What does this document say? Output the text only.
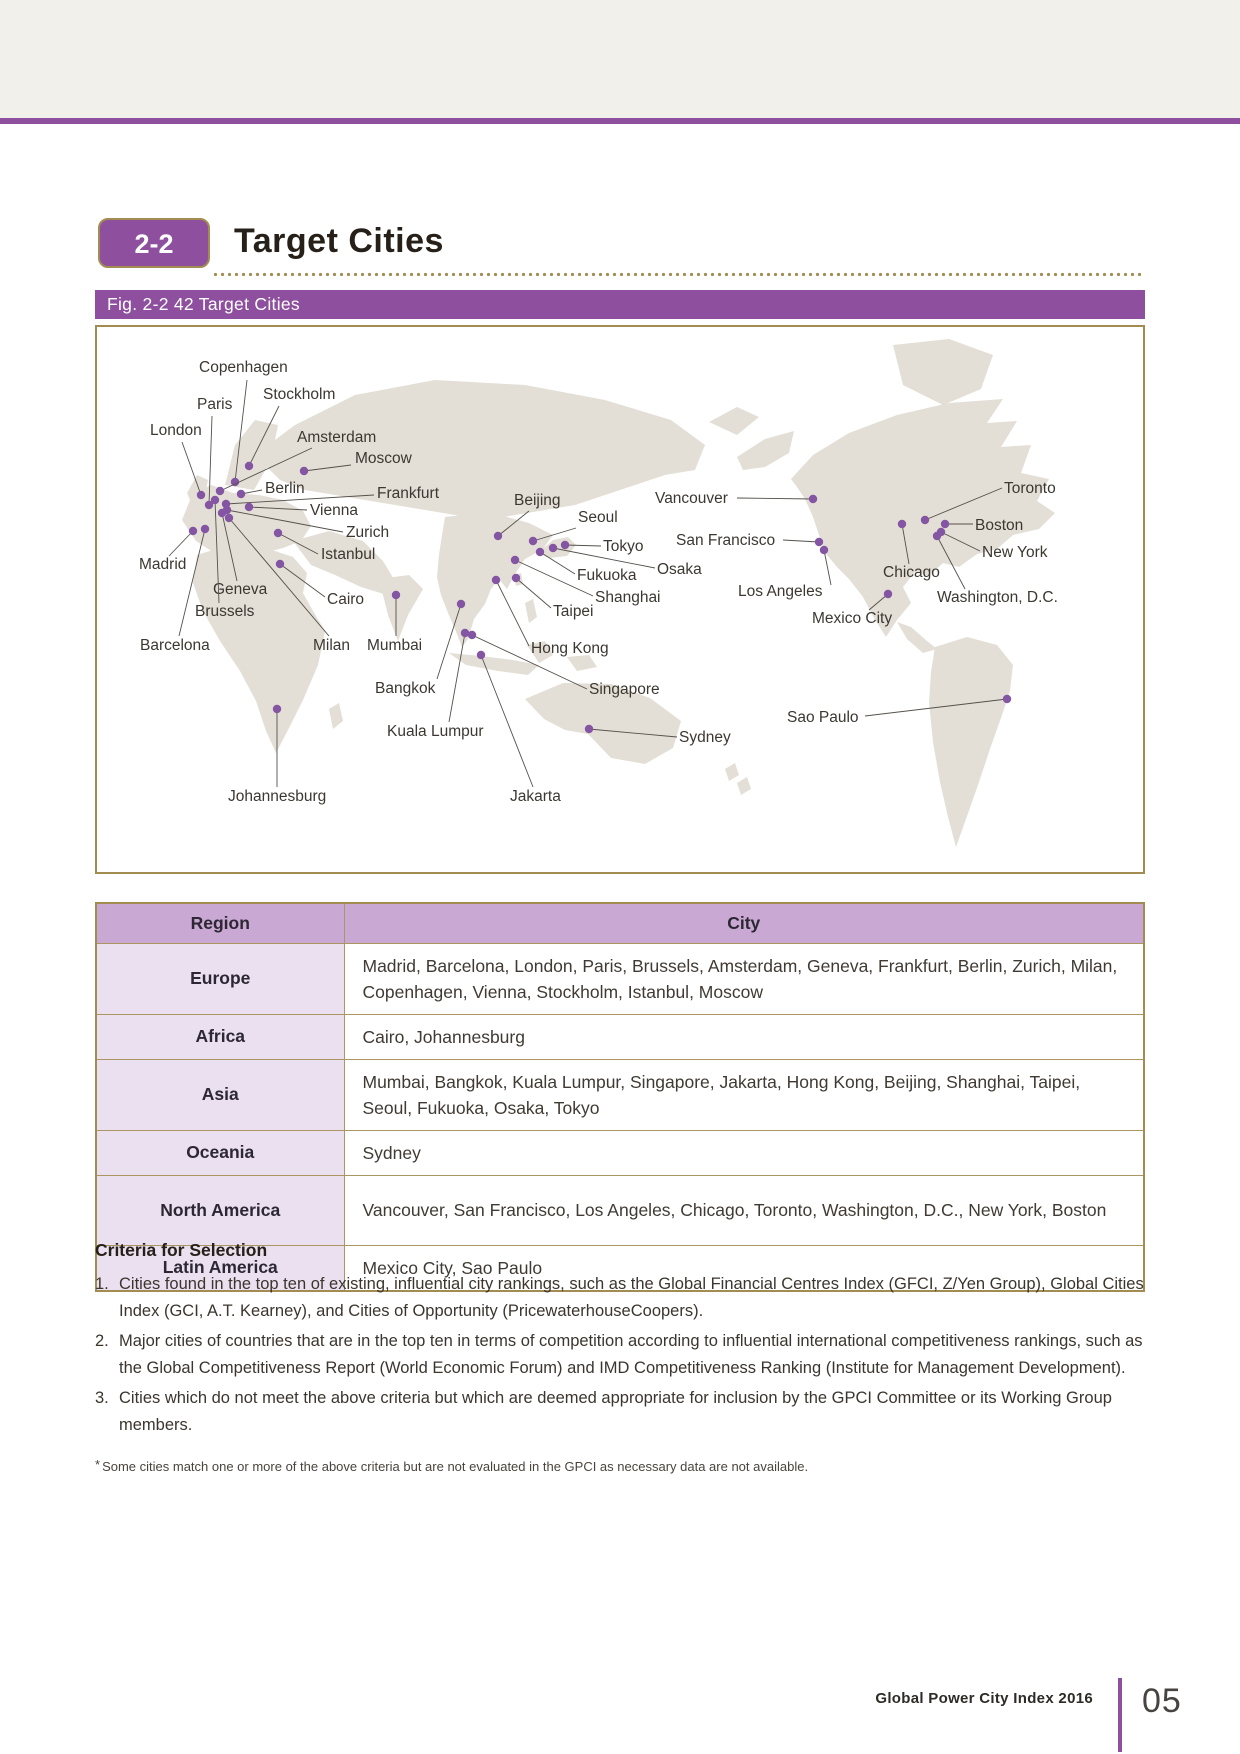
2-2	Target Cities
Fig. 2-2 42 Target Cities
Copenhagen
Stockholm
Paris
London	Amsterdam
Moscow
Berlin	Frankfurt
Vienna
Zurich
Istanbul
Madrid
Geneva
Brussels
Barcelona	Milan
Cairo
Mumbai
Bangkok
Kuala Lumpur
Singapore
Jakarta
Johannesburg
Beijing
Seoul
Tokyo
Osaka
Fukuoka
Shanghai
Taipei
Hong Kong
Sydney
Vancouver
San Francisco
Los Angeles
Chicago
Toronto
Boston
New York
Washington, D.C.
Mexico City
Sao Paulo
Region	City
Europe	Madrid, Barcelona, London, Paris, Brussels, Amsterdam, Geneva, Frankfurt, Berlin, Zurich, Milan, Copenhagen, Vienna, Stockholm, Istanbul, Moscow
Africa	Cairo, Johannesburg
Asia	Mumbai, Bangkok, Kuala Lumpur, Singapore, Jakarta, Hong Kong, Beijing, Shanghai, Taipei, Seoul, Fukuoka, Osaka, Tokyo
Oceania	Sydney
North America	Vancouver, San Francisco, Los Angeles, Chicago, Toronto, Washington, D.C., New York, Boston
Latin America	Mexico City, Sao Paulo

Criteria for Selection

1. Cities found in the top ten of existing, influential city rankings, such as the Global Financial Centres Index (GFCI, Z/Yen Group), Global Cities Index (GCI, A.T. Kearney), and Cities of Opportunity (PricewaterhouseCoopers).
2. Major cities of countries that are in the top ten in terms of competition according to influential international competitiveness rankings, such as the Global Competitiveness Report (World Economic Forum) and IMD Competitiveness Ranking (Institute for Management Development).
3. Cities which do not meet the above criteria but which are deemed appropriate for inclusion by the GPCI Committee or its Working Group members.

* Some cities match one or more of the above criteria but are not evaluated in the GPCI as necessary data are not available.

Global Power City Index 2016 05
